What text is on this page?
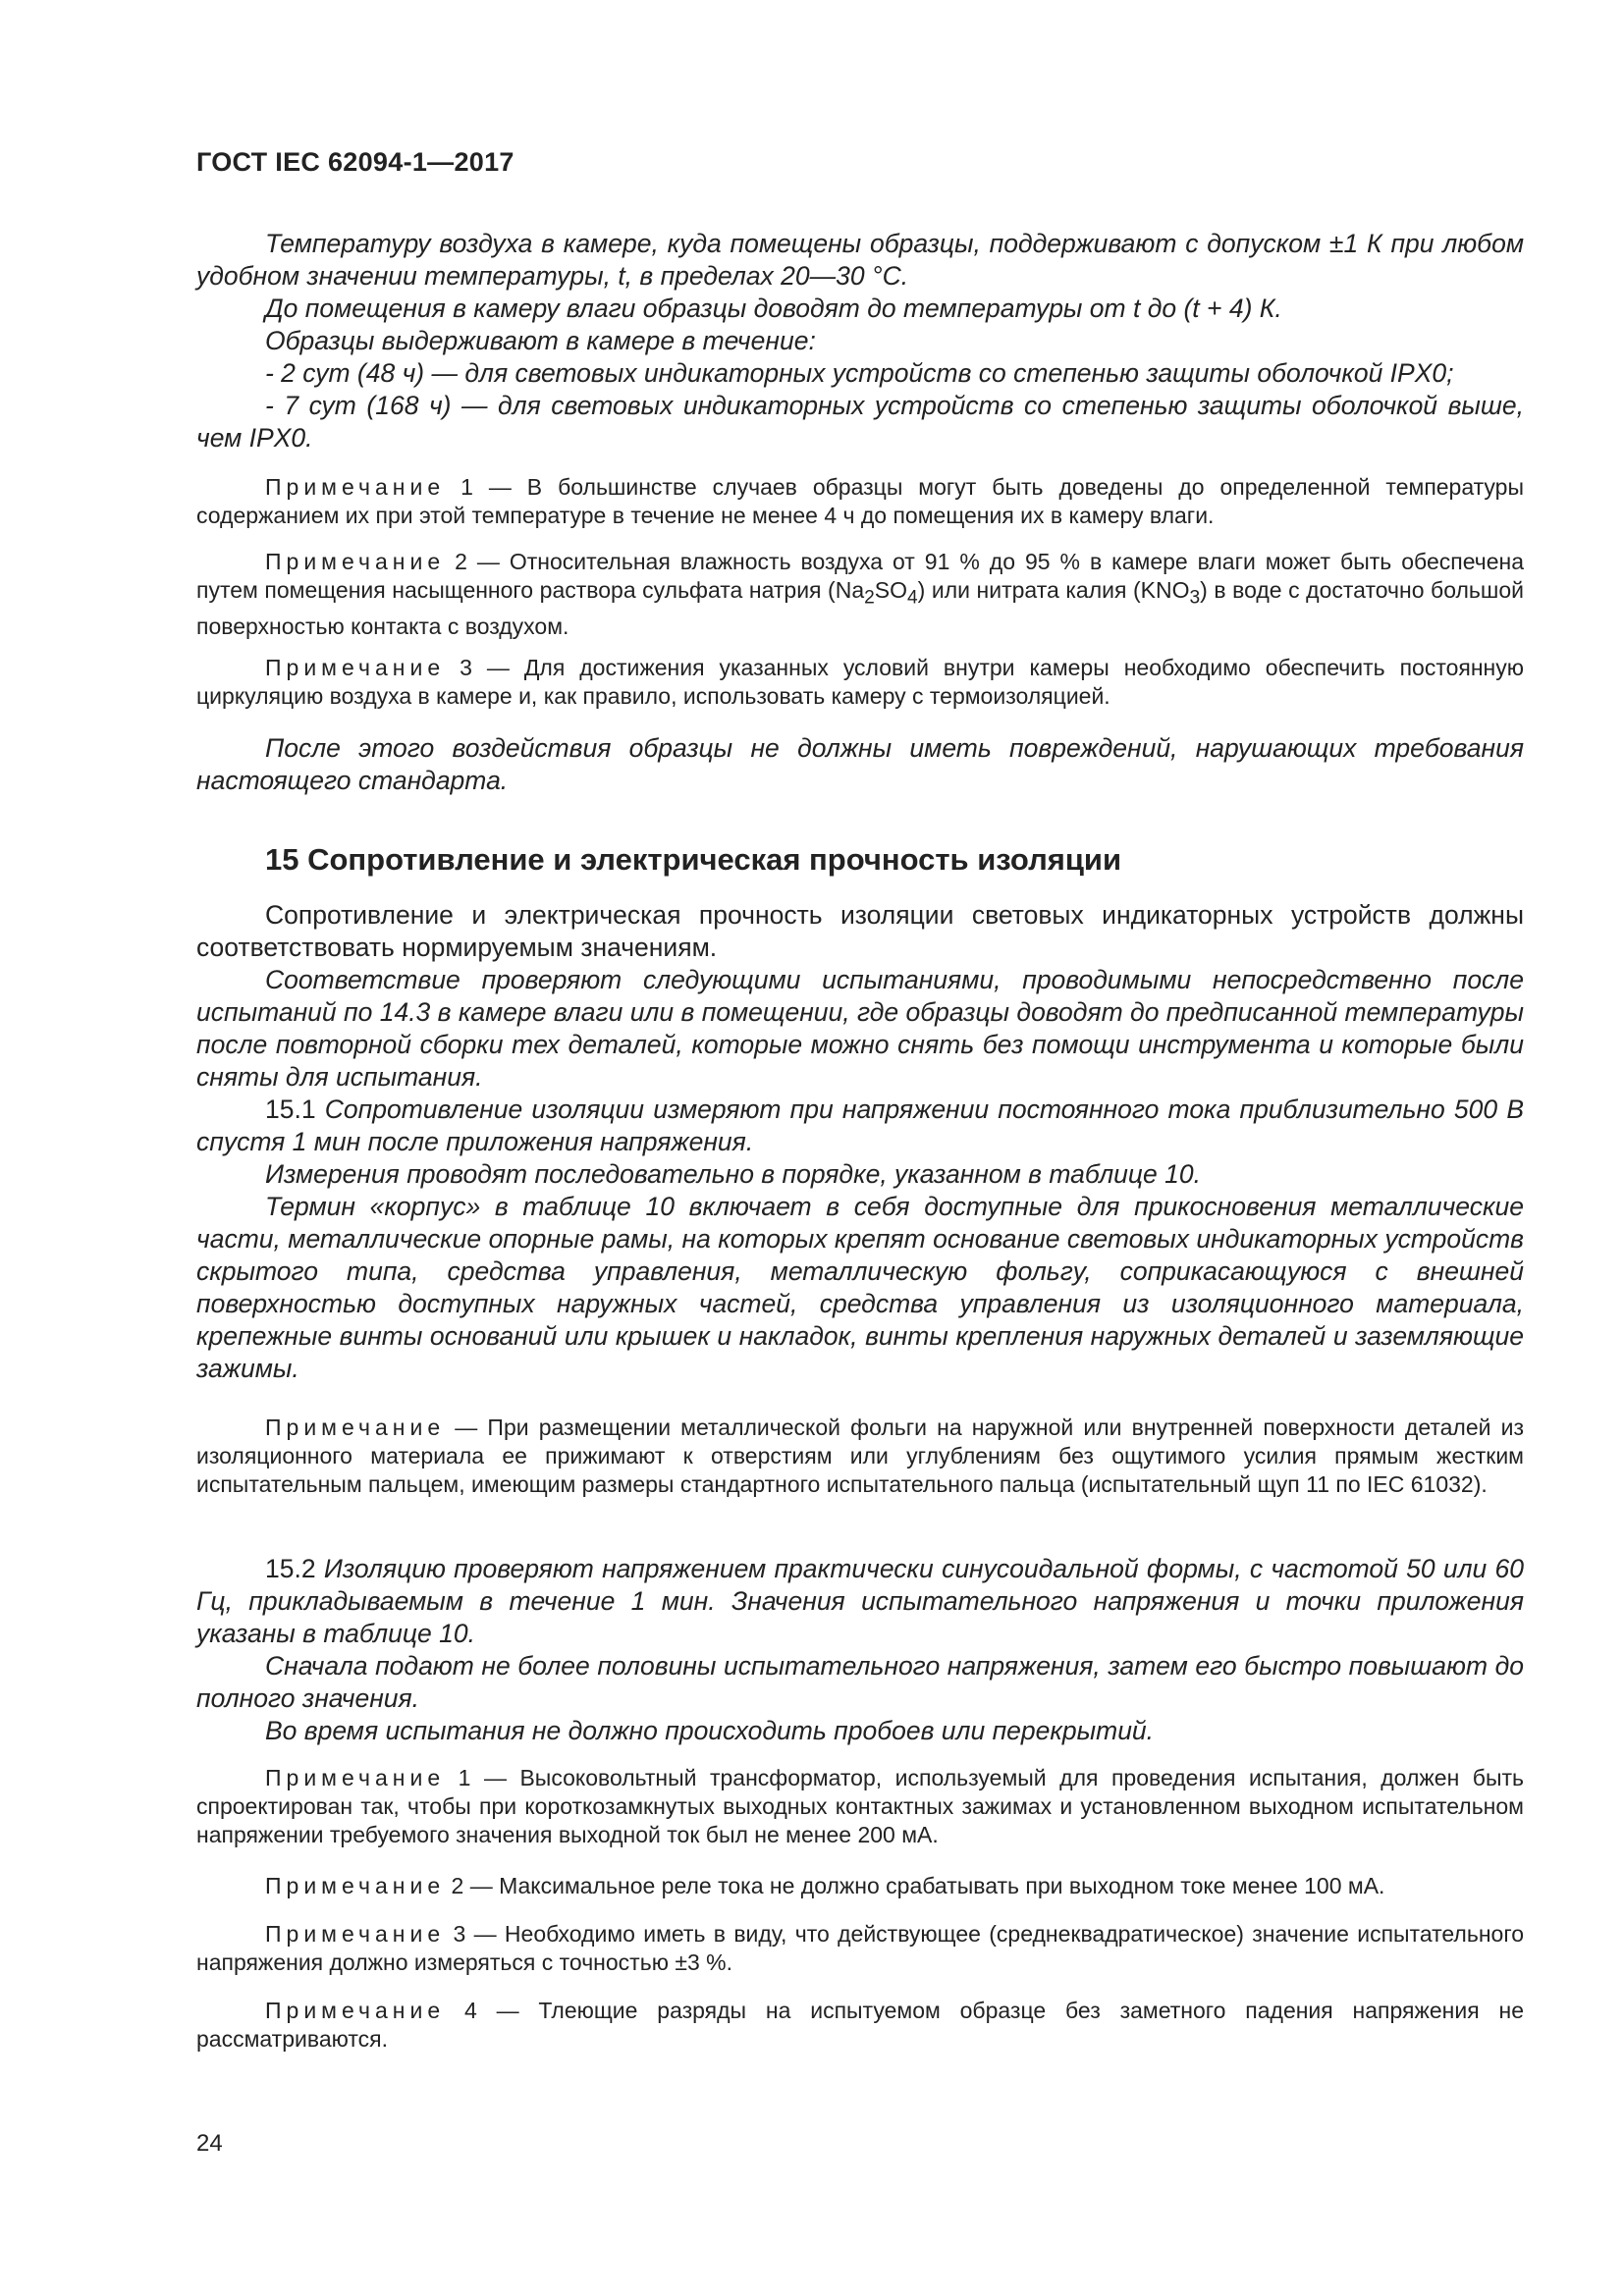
ГОСТ IEC 62094-1—2017

Температуру воздуха в камере, куда помещены образцы, поддерживают с допуском ±1 К при любом удобном значении температуры, t, в пределах 20—30 °С.

До помещения в камеру влаги образцы доводят до температуры от t до (t + 4) К.

Образцы выдерживают в камере в течение:

- 2 сут (48 ч) — для световых индикаторных устройств со степенью защиты оболочкой IPX0;

- 7 сут (168 ч) — для световых индикаторных устройств со степенью защиты оболочкой выше, чем IPX0.

Примечание 1 — В большинстве случаев образцы могут быть доведены до определенной температуры содержанием их при этой температуре в течение не менее 4 ч до помещения их в камеру влаги.

Примечание 2 — Относительная влажность воздуха от 91 % до 95 % в камере влаги может быть обеспечена путем помещения насыщенного раствора сульфата натрия $(Na_2SO_4)$ или нитрата калия $(KNO_3)$ в воде с достаточно большой поверхностью контакта с воздухом.

Примечание 3 — Для достижения указанных условий внутри камеры необходимо обеспечить постоянную циркуляцию воздуха в камере и, как правило, использовать камеру с термоизоляцией.

После этого воздействия образцы не должны иметь повреждений, нарушающих требования настоящего стандарта.

15 Сопротивление и электрическая прочность изоляции

Сопротивление и электрическая прочность изоляции световых индикаторных устройств должны соответствовать нормируемым значениям.

Соответствие проверяют следующими испытаниями, проводимыми непосредственно после испытаний по 14.3 в камере влаги или в помещении, где образцы доводят до предписанной температуры после повторной сборки тех деталей, которые можно снять без помощи инструмента и которые были сняты для испытания.

15.1 Сопротивление изоляции измеряют при напряжении постоянного тока приблизительно 500 В спустя 1 мин после приложения напряжения.

Измерения проводят последовательно в порядке, указанном в таблице 10.

Термин «корпус» в таблице 10 включает в себя доступные для прикосновения металлические части, металлические опорные рамы, на которых крепят основание световых индикаторных устройств скрытого типа, средства управления, металлическую фольгу, соприкасающуюся с внешней поверхностью доступных наружных частей, средства управления из изоляционного материала, крепежные винты оснований или крышек и накладок, винты крепления наружных деталей и заземляющие зажимы.

Примечание — При размещении металлической фольги на наружной или внутренней поверхности деталей из изоляционного материала ее прижимают к отверстиям или углублениям без ощутимого усилия прямым жестким испытательным пальцем, имеющим размеры стандартного испытательного пальца (испытательный щуп 11 по IEC 61032).

15.2 Изоляцию проверяют напряжением практически синусоидальной формы, с частотой 50 или 60 Гц, прикладываемым в течение 1 мин. Значения испытательного напряжения и точки приложения указаны в таблице 10.

Сначала подают не более половины испытательного напряжения, затем его быстро повышают до полного значения.

Во время испытания не должно происходить пробоев или перекрытий.

Примечание 1 — Высоковольтный трансформатор, используемый для проведения испытания, должен быть спроектирован так, чтобы при короткозамкнутых выходных контактных зажимах и установленном выходном испытательном напряжении требуемого значения выходной ток был не менее 200 мА.

Примечание 2 — Максимальное реле тока не должно срабатывать при выходном токе менее 100 мА.

Примечание 3 — Необходимо иметь в виду, что действующее (среднеквадратическое) значение испытательного напряжения должно измеряться с точностью ±3 %.

Примечание 4 — Тлеющие разряды на испытуемом образце без заметного падения напряжения не рассматриваются.

24
